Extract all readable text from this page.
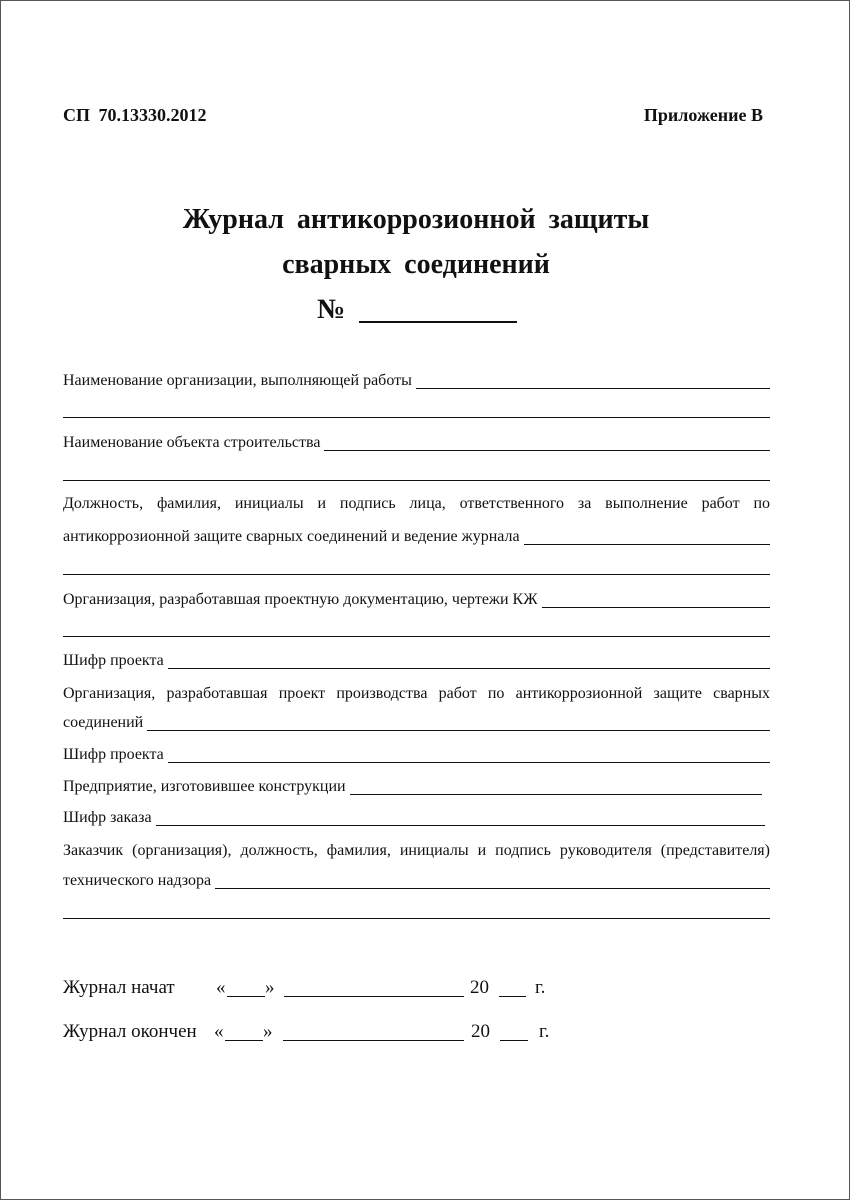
СП 70.13330.2012	Приложение В
Журнал антикоррозионной защиты
сварных соединений
№
Наименование организации, выполняющей работы
Наименование объекта строительства
Должность, фамилия, инициалы и подпись лица, ответственного за выполнение работ по
антикоррозионной защите сварных соединений и ведение журнала
Организация, разработавшая проектную документацию, чертежи КЖ
Шифр проекта
Организация, разработавшая проект производства работ по антикоррозионной защите сварных
соединений
Шифр проекта
Предприятие, изготовившее конструкции
Шифр заказа
Заказчик (организация), должность, фамилия, инициалы и подпись руководителя (представителя)
технического надзора
Журнал начат « »	20 г.
Журнал окончен « »	20	г.
